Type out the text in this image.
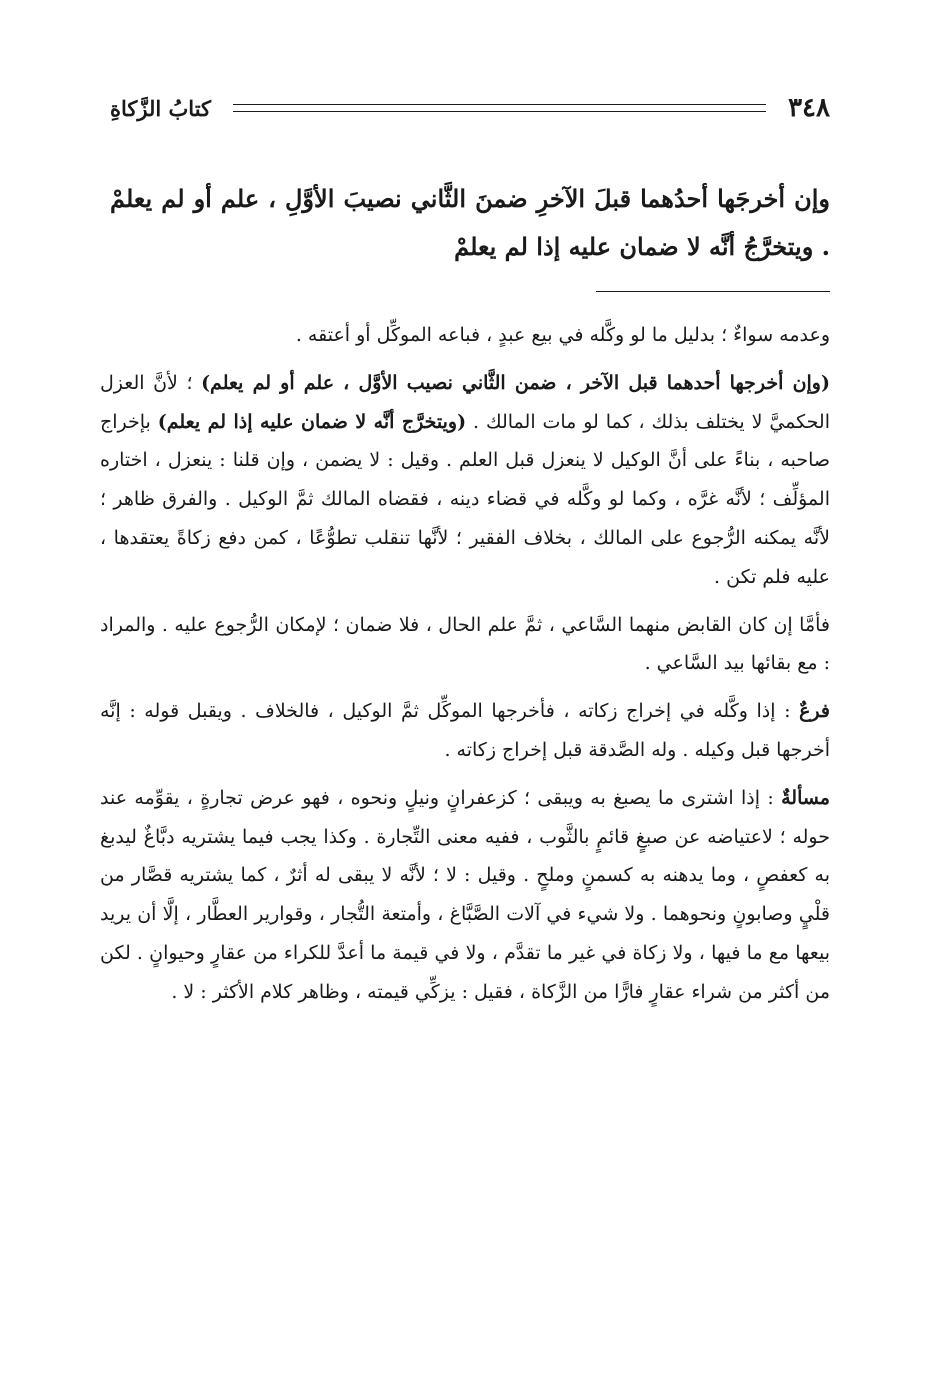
٣٤٨
كتابُ الزَّكاةِ
وإن أخرجَها أحدُهما قبلَ الآخرِ ضمنَ الثَّاني نصيبَ الأوَّلِ ، علم أو لم يعلمْ . ويتخرَّجُ أنَّه لا ضمان عليه إذا لم يعلمْ

وعدمه سواءٌ ؛ بدليل ما لو وكَّله في بيع عبدٍ ، فباعه الموكِّل أو أعتقه .

(وإن أخرجها أحدهما قبل الآخر ، ضمن الثَّاني نصيب الأوَّل ، علم أو لم يعلم) ؛ لأنَّ العزل الحكميَّ لا يختلف بذلك ، كما لو مات المالك . (ويتخرَّج أنَّه لا ضمان عليه إذا لم يعلم) بإخراج صاحبه ، بناءً على أنَّ الوكيل لا ينعزل قبل العلم . وقيل : لا يضمن ، وإن قلنا : ينعزل ، اختاره المؤلِّف ؛ لأنَّه غرَّه ، وكما لو وكَّله في قضاء دينه ، فقضاه المالك ثمَّ الوكيل . والفرق ظاهر ؛ لأنَّه يمكنه الرُّجوع على المالك ، بخلاف الفقير ؛ لأنَّها تنقلب تطوُّعًا ، كمن دفع زكاةً يعتقدها ، عليه فلم تكن .

فأمَّا إن كان القابض منهما السَّاعي ، ثمَّ علم الحال ، فلا ضمان ؛ لإمكان الرُّجوع عليه . والمراد : مع بقائها بيد السَّاعي .

فرعٌ : إذا وكَّله في إخراج زكاته ، فأخرجها الموكِّل ثمَّ الوكيل ، فالخلاف . ويقبل قوله : إنَّه أخرجها قبل وكيله . وله الصَّدقة قبل إخراج زكاته .

مسألةٌ : إذا اشترى ما يصبغ به ويبقى ؛ كزعفرانٍ ونيلٍ ونحوه ، فهو عرض تجارةٍ ، يقوِّمه عند حوله ؛ لاعتياضه عن صبغٍ قائمٍ بالثَّوب ، ففيه معنى التِّجارة . وكذا يجب فيما يشتريه دبَّاغٌ ليدبغ به كعفصٍ ، وما يدهنه به كسمنٍ وملحٍ . وقيل : لا ؛ لأنَّه لا يبقى له أثرٌ ، كما يشتريه قصَّار من قلْيٍ وصابونٍ ونحوهما . ولا شيء في آلات الصَّبَّاغ ، وأمتعة التُّجار ، وقوارير العطَّار ، إلَّا أن يريد بيعها مع ما فيها ، ولا زكاة في غير ما تقدَّم ، ولا في قيمة ما أعدَّ للكراء من عقارٍ وحيوانٍ . لكن من أكثر من شراء عقارٍ فارًّا من الزَّكاة ، فقيل : يزكِّي قيمته ، وظاهر كلام الأكثر : لا .
